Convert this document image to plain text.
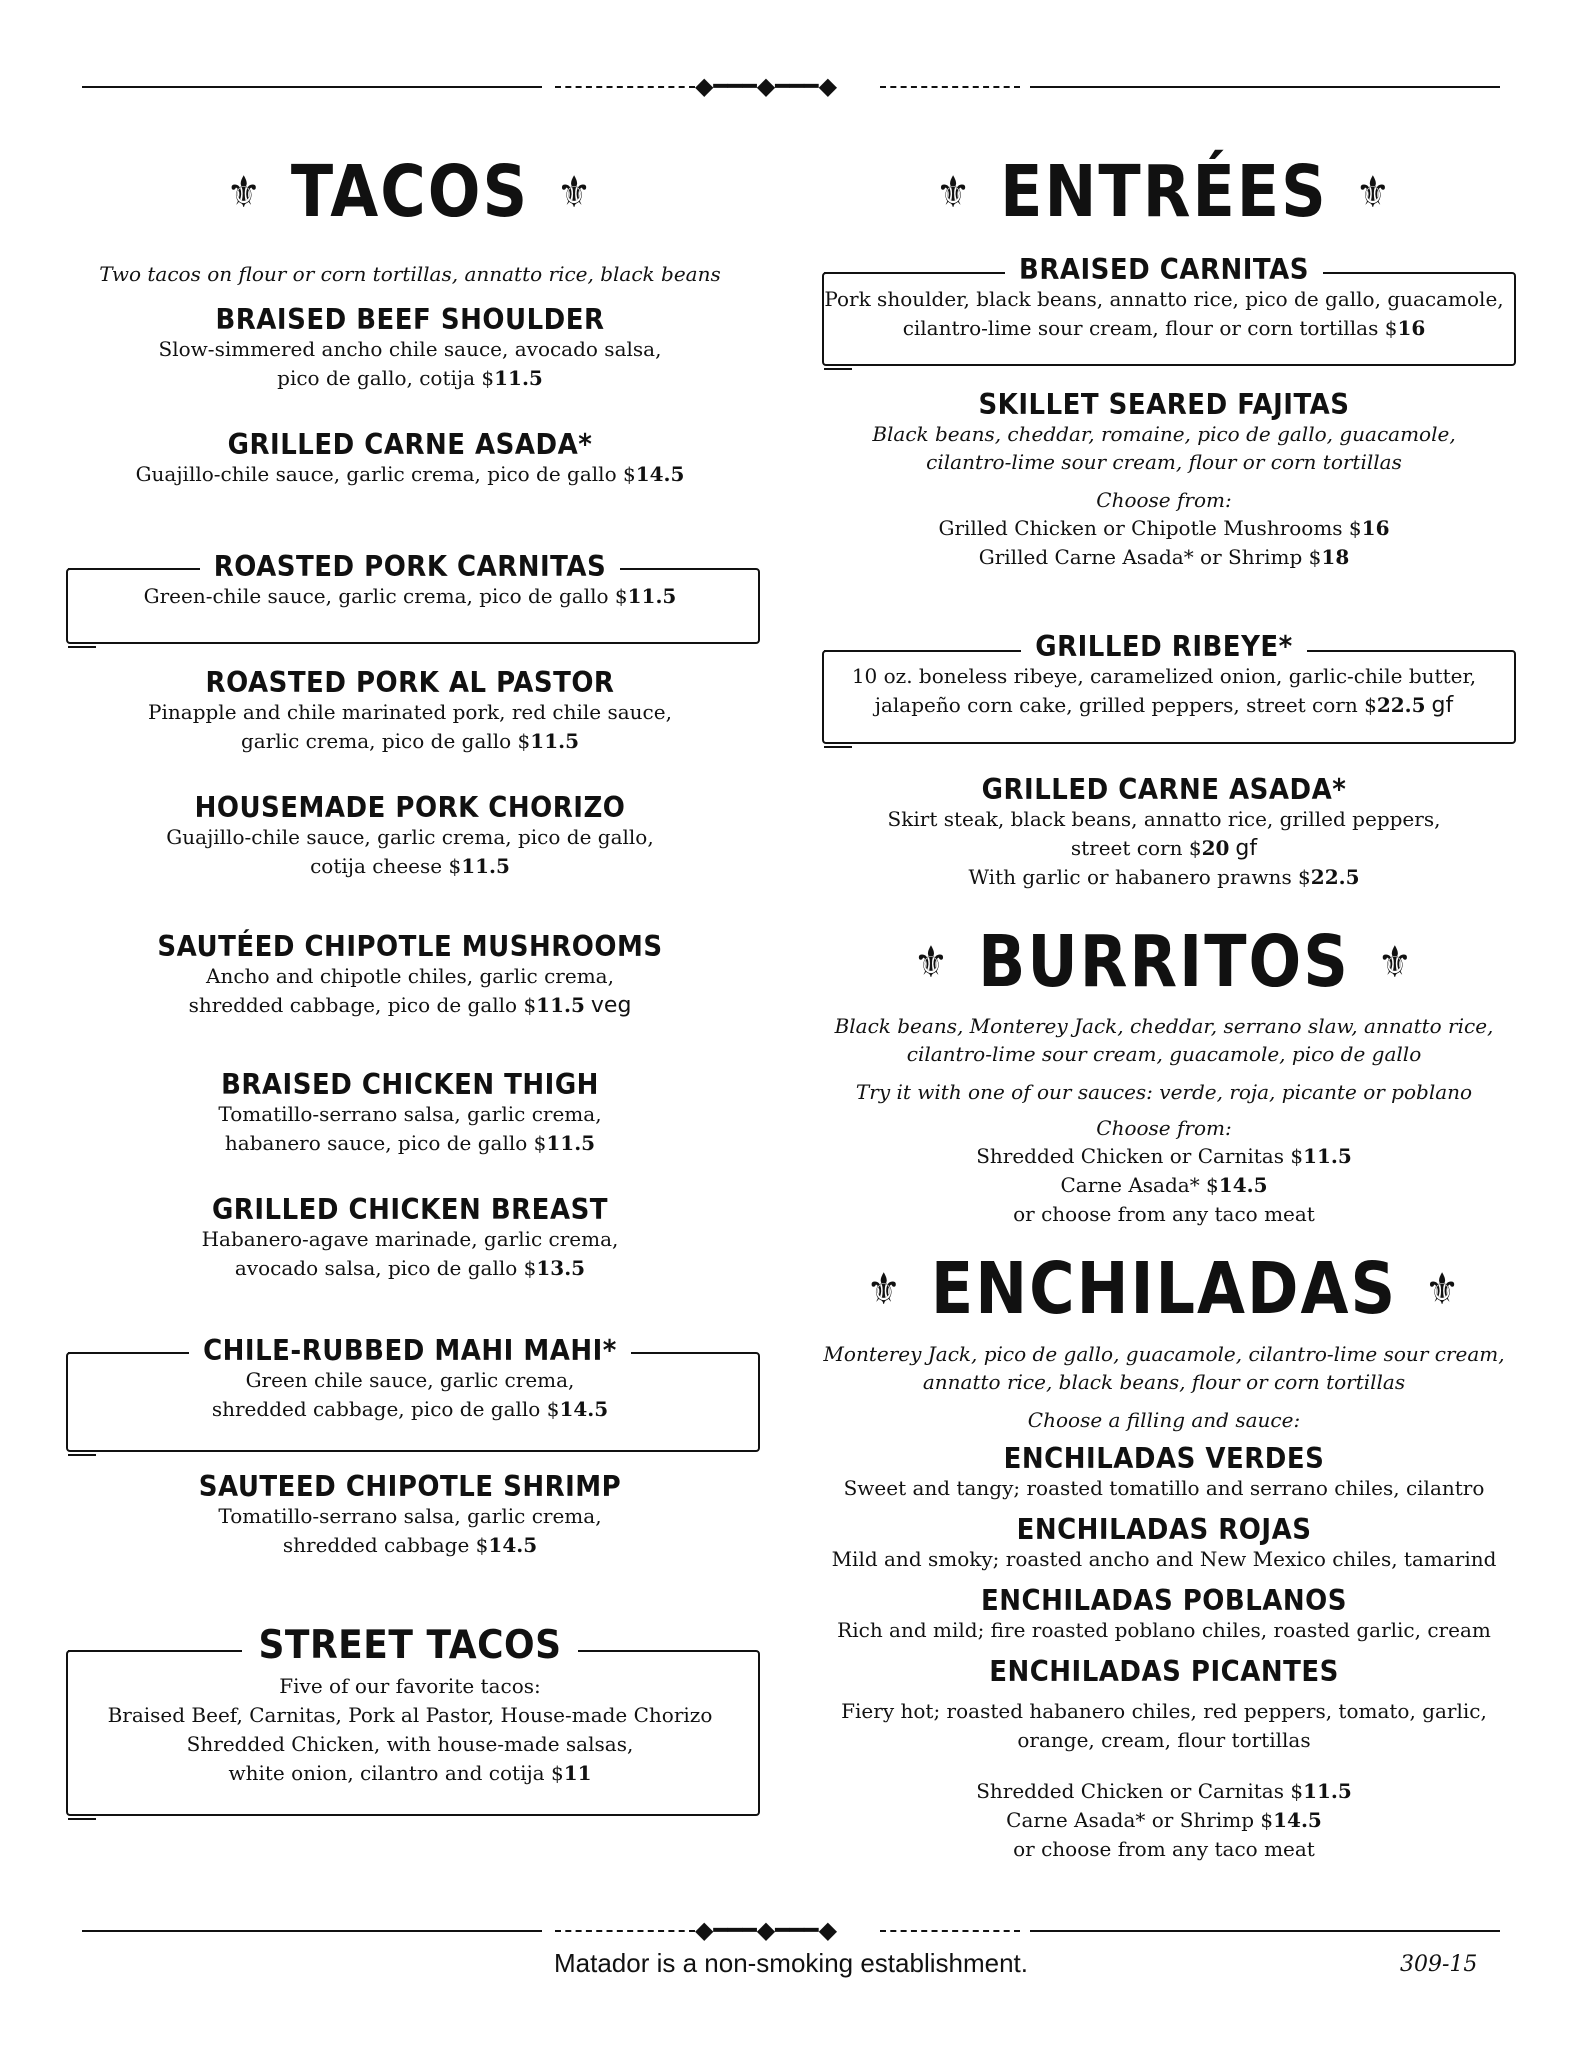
◆━━━◆━━━◆
⚜ TACOS ⚜
Two tacos on flour or corn tortillas, annatto rice, black beans
BRAISED BEEF SHOULDER
Slow-simmered ancho chile sauce, avocado salsa,
pico de gallo, cotija $11.5
GRILLED CARNE ASADA*
Guajillo-chile sauce, garlic crema, pico de gallo $14.5
ROASTED PORK CARNITAS
Green-chile sauce, garlic crema, pico de gallo $11.5
ROASTED PORK AL PASTOR
Pinapple and chile marinated pork, red chile sauce,
garlic crema, pico de gallo $11.5
HOUSEMADE PORK CHORIZO
Guajillo-chile sauce, garlic crema, pico de gallo,
cotija cheese $11.5
SAUTÉED CHIPOTLE MUSHROOMS
Ancho and chipotle chiles, garlic crema,
shredded cabbage, pico de gallo $11.5 veg
BRAISED CHICKEN THIGH
Tomatillo-serrano salsa, garlic crema,
habanero sauce, pico de gallo $11.5
GRILLED CHICKEN BREAST
Habanero-agave marinade, garlic crema,
avocado salsa, pico de gallo $13.5
CHILE-RUBBED MAHI MAHI*
Green chile sauce, garlic crema,
shredded cabbage, pico de gallo $14.5
SAUTEED CHIPOTLE SHRIMP
Tomatillo-serrano salsa, garlic crema,
shredded cabbage $14.5
STREET TACOS
Five of our favorite tacos:
Braised Beef, Carnitas, Pork al Pastor, House-made Chorizo
Shredded Chicken, with house-made salsas,
white onion, cilantro and cotija $11
⚜ ENTRÉES ⚜
BRAISED CARNITAS
Pork shoulder, black beans, annatto rice, pico de gallo, guacamole,
cilantro-lime sour cream, flour or corn tortillas $16
SKILLET SEARED FAJITAS
Black beans, cheddar, romaine, pico de gallo, guacamole,
cilantro-lime sour cream, flour or corn tortillas
Choose from:
Grilled Chicken or Chipotle Mushrooms $16
Grilled Carne Asada* or Shrimp $18
GRILLED RIBEYE*
10 oz. boneless ribeye, caramelized onion, garlic-chile butter,
jalapeño corn cake, grilled peppers, street corn $22.5 gf
GRILLED CARNE ASADA*
Skirt steak, black beans, annatto rice, grilled peppers,
street corn $20 gf
With garlic or habanero prawns $22.5
⚜ BURRITOS ⚜
Black beans, Monterey Jack, cheddar, serrano slaw, annatto rice,
cilantro-lime sour cream, guacamole, pico de gallo
Try it with one of our sauces: verde, roja, picante or poblano
Choose from:
Shredded Chicken or Carnitas $11.5
Carne Asada* $14.5
or choose from any taco meat
⚜ ENCHILADAS ⚜
Monterey Jack, pico de gallo, guacamole, cilantro-lime sour cream,
annatto rice, black beans, flour or corn tortillas
Choose a filling and sauce:
ENCHILADAS VERDES
Sweet and tangy; roasted tomatillo and serrano chiles, cilantro
ENCHILADAS ROJAS
Mild and smoky; roasted ancho and New Mexico chiles, tamarind
ENCHILADAS POBLANOS
Rich and mild; fire roasted poblano chiles, roasted garlic, cream
ENCHILADAS PICANTES
Fiery hot; roasted habanero chiles, red peppers, tomato, garlic,
orange, cream, flour tortillas
Shredded Chicken or Carnitas $11.5
Carne Asada* or Shrimp $14.5
or choose from any taco meat
◆━━━◆━━━◆
Matador is a non-smoking establishment.	309-15
